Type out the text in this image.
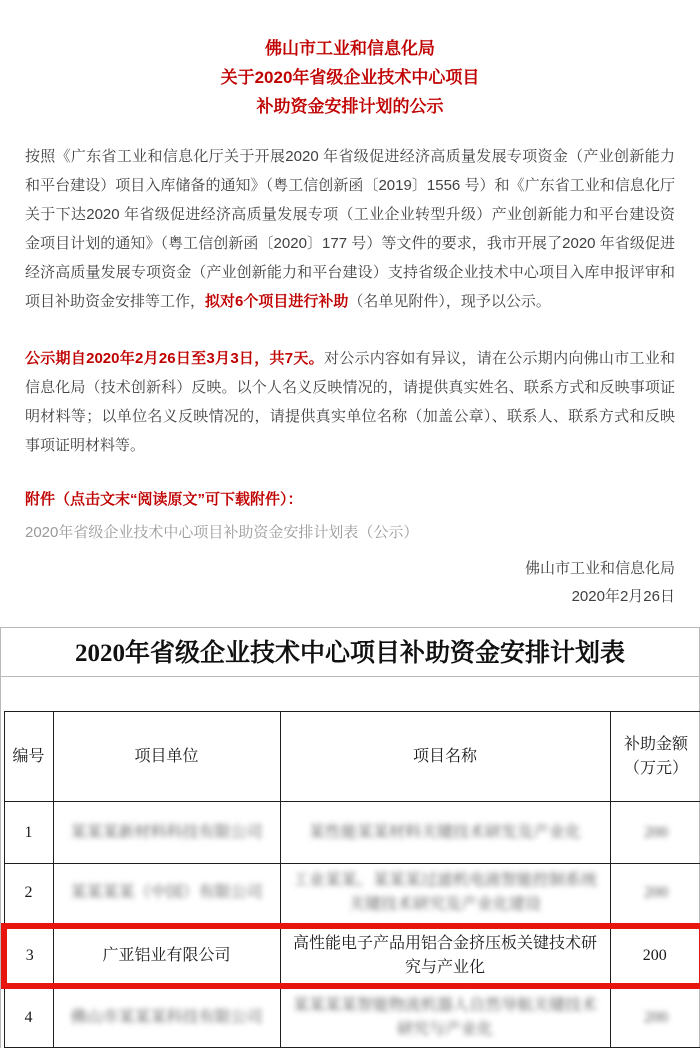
佛山市工业和信息化局
关于2020年省级企业技术中心项目
补助资金安排计划的公示

按照《广东省工业和信息化厅关于开展2020 年省级促进经济高质量发展专项资金（产业创新能力和平台建设）项目入库储备的通知》（粤工信创新函〔2019〕1556 号）和《广东省工业和信息化厅关于下达2020 年省级促进经济高质量发展专项（工业企业转型升级）产业创新能力和平台建设资金项目计划的通知》（粤工信创新函〔2020〕177 号）等文件的要求，我市开展了2020 年省级促进经济高质量发展专项资金（产业创新能力和平台建设）支持省级企业技术中心项目入库申报评审和项目补助资金安排等工作，拟对6个项目进行补助（名单见附件），现予以公示。

公示期自2020年2月26日至3月3日，共7天。对公示内容如有异议，请在公示期内向佛山市工业和信息化局（技术创新科）反映。以个人名义反映情况的，请提供真实姓名、联系方式和反映事项证明材料等；以单位名义反映情况的，请提供真实单位名称（加盖公章）、联系人、联系方式和反映事项证明材料等。

附件（点击文末“阅读原文”可下载附件）：
2020年省级企业技术中心项目补助资金安排计划表（公示）
佛山市工业和信息化局
2020年2月26日
2020年省级企业技术中心项目补助资金安排计划表
编号	项目单位	项目名称	补助金额（万元）
1	某某某新材料科技有限公司	某性能某某材料关键技术研发及产业化	200
2	某某某某（中国）有限公司	工业某某、某某某过滤机电液智能控制系统关键技术研究及产业化建设	200
3	广亚铝业有限公司	高性能电子产品用铝合金挤压板关键技术研究与产业化	200
4	佛山市某某某科技有限公司	某某某某智能物流机器人自然导航关键技术研究与产业化	200
